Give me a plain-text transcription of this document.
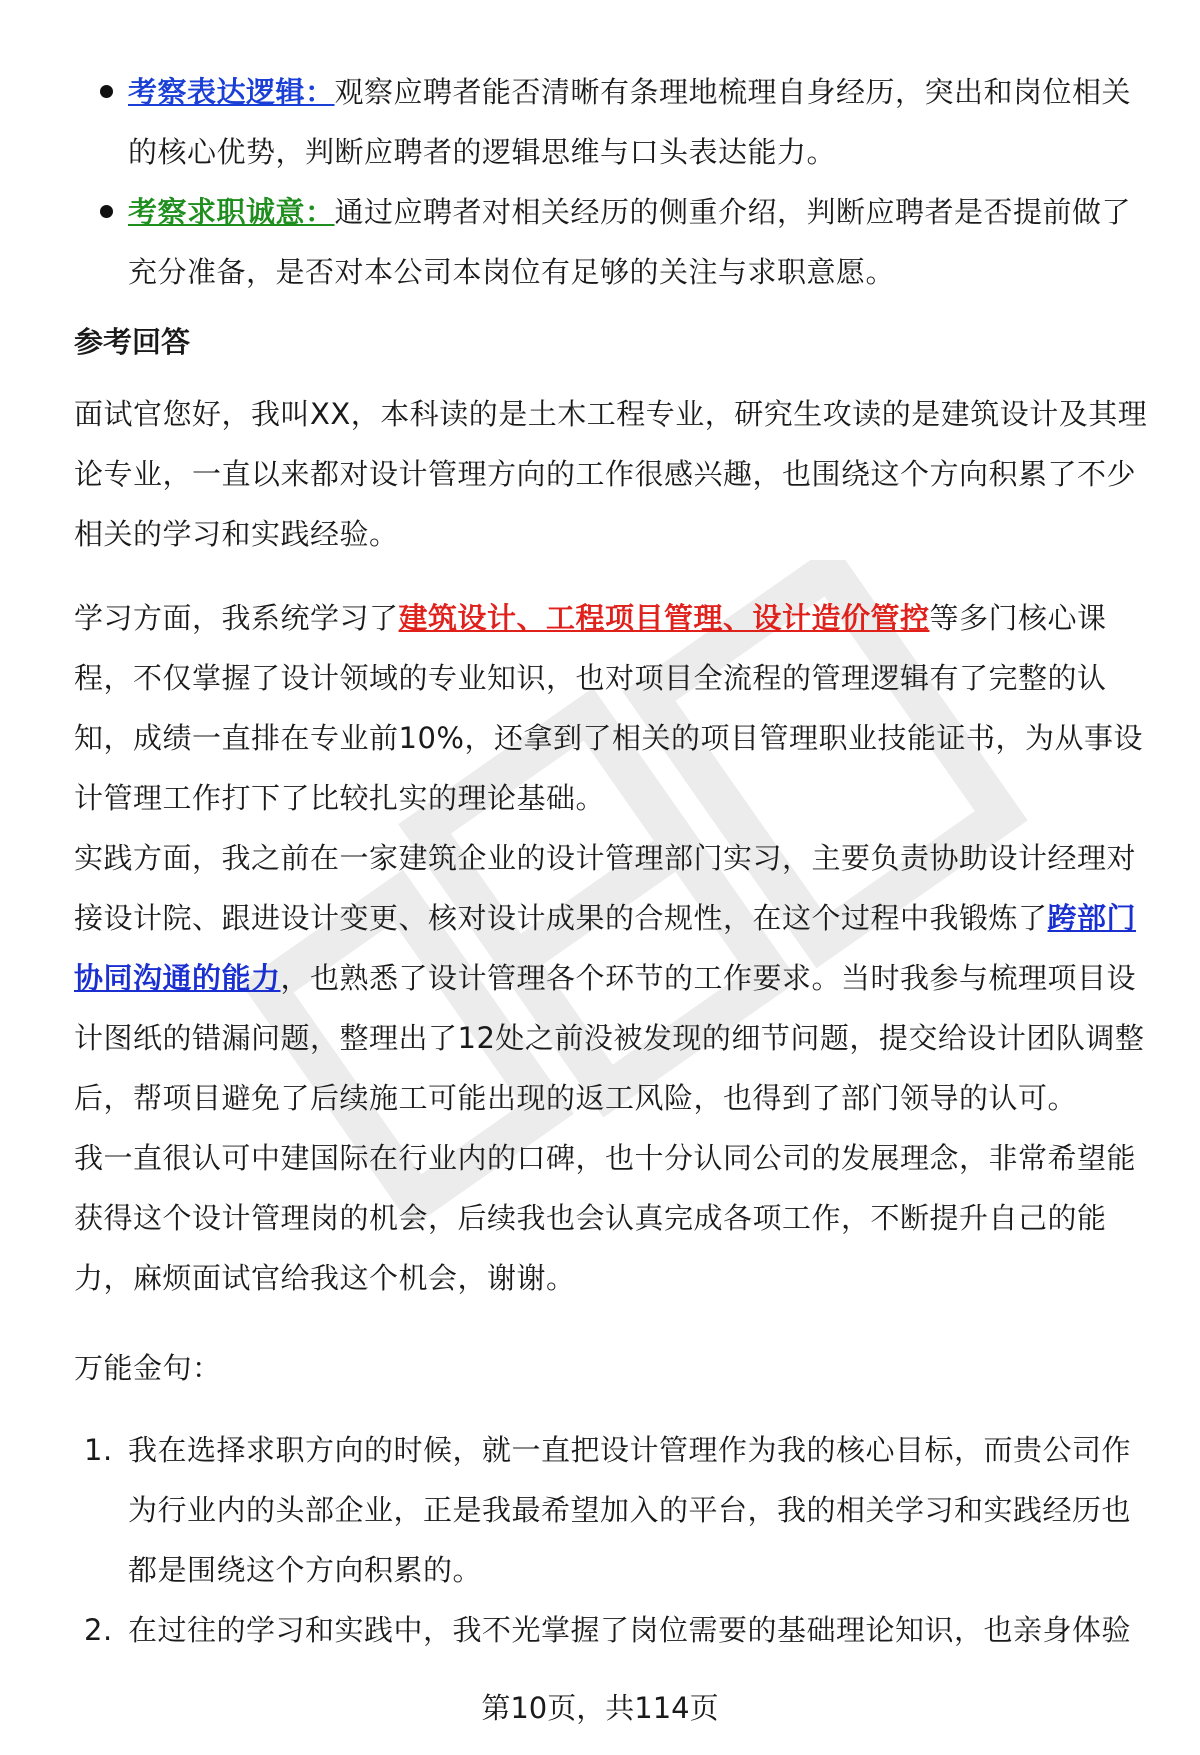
考察表达逻辑：观察应聘者能否清晰有条理地梳理自身经历，突出和岗位相关的核心优势，判断应聘者的逻辑思维与口头表达能力。
考察求职诚意：通过应聘者对相关经历的侧重介绍，判断应聘者是否提前做了充分准备，是否对本公司本岗位有足够的关注与求职意愿。
参考回答

面试官您好，我叫XX，本科读的是土木工程专业，研究生攻读的是建筑设计及其理论专业，一直以来都对设计管理方向的工作很感兴趣，也围绕这个方向积累了不少相关的学习和实践经验。

学习方面，我系统学习了建筑设计、工程项目管理、设计造价管控等多门核心课程，不仅掌握了设计领域的专业知识，也对项目全流程的管理逻辑有了完整的认知，成绩一直排在专业前10%，还拿到了相关的项目管理职业技能证书，为从事设计管理工作打下了比较扎实的理论基础。

实践方面，我之前在一家建筑企业的设计管理部门实习，主要负责协助设计经理对接设计院、跟进设计变更、核对设计成果的合规性，在这个过程中我锻炼了跨部门协同沟通的能力，也熟悉了设计管理各个环节的工作要求。当时我参与梳理项目设计图纸的错漏问题，整理出了12处之前没被发现的细节问题，提交给设计团队调整后，帮项目避免了后续施工可能出现的返工风险，也得到了部门领导的认可。

我一直很认可中建国际在行业内的口碑，也十分认同公司的发展理念，非常希望能获得这个设计管理岗的机会，后续我也会认真完成各项工作，不断提升自己的能力，麻烦面试官给我这个机会，谢谢。

万能金句：

1. 我在选择求职方向的时候，就一直把设计管理作为我的核心目标，而贵公司作为行业内的头部企业，正是我最希望加入的平台，我的相关学习和实践经历也都是围绕这个方向积累的。
2. 在过往的学习和实践中，我不光掌握了岗位需要的基础理论知识，也亲身体验
第10页，共114页
